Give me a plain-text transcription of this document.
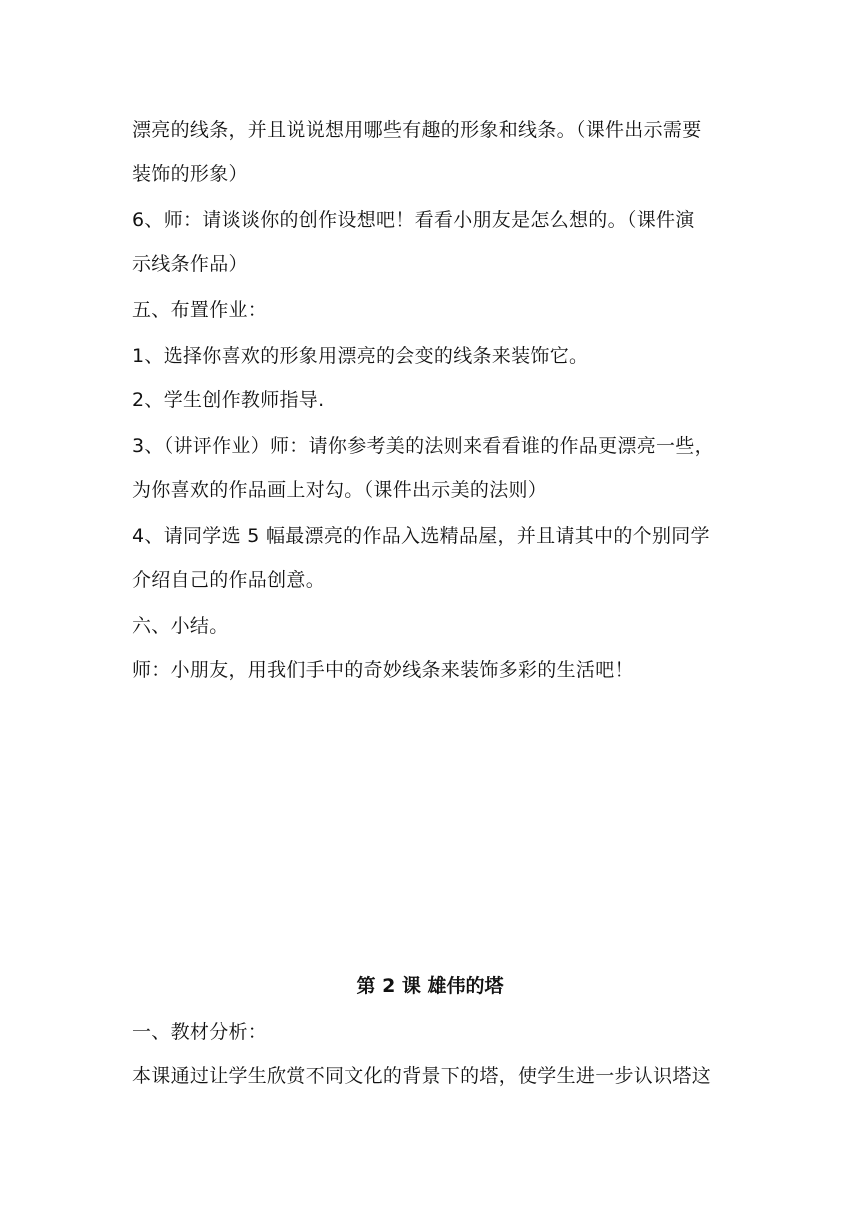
漂亮的线条，并且说说想用哪些有趣的形象和线条。（课件出示需要
装饰的形象）
6、师：请谈谈你的创作设想吧！看看小朋友是怎么想的。（课件演
示线条作品）
五、布置作业：
1、选择你喜欢的形象用漂亮的会变的线条来装饰它。
2、学生创作教师指导.
3、（讲评作业）师：请你参考美的法则来看看谁的作品更漂亮一些，
为你喜欢的作品画上对勾。（课件出示美的法则）
4、请同学选 5 幅最漂亮的作品入选精品屋，并且请其中的个别同学
介绍自己的作品创意。
六、小结。
师：小朋友，用我们手中的奇妙线条来装饰多彩的生活吧！
第 2 课 雄伟的塔
一、教材分析：
本课通过让学生欣赏不同文化的背景下的塔，使学生进一步认识塔这
